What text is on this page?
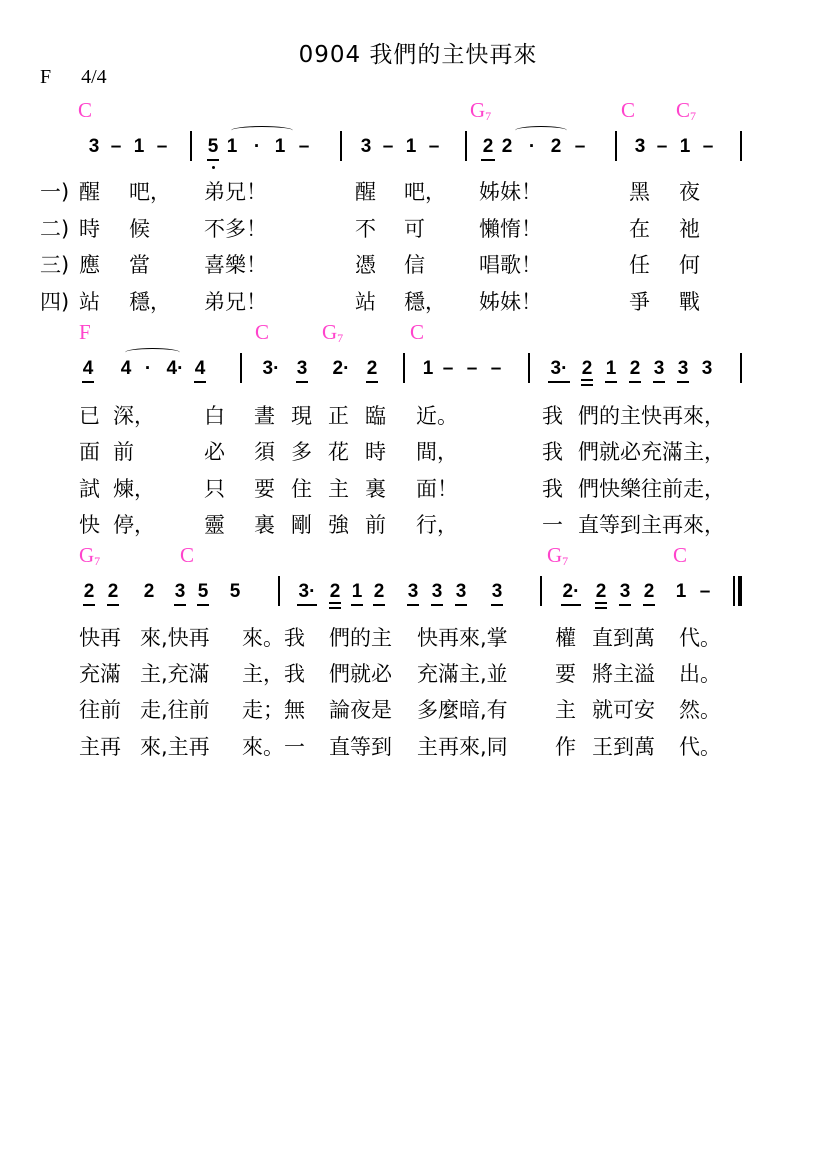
0904 我們的主快再來
F 4/4
C	$G_7$	C $C_7$
3 – 1 –	5 1 · 1 –	3 – 1 –	2 2 · 2 –	3 – 1 –
一) 醒 吧， 弟兄！	醒 吧， 姊妹！	黑 夜
二) 時 候	不多！	不 可	懶惰！	在 祂
三) 應 當	喜樂！	憑 信	唱歌！	任 何
四) 站 穩， 弟兄！	站 穩， 姊妹！	爭 戰
F	C	$G_7$	C
4 4 · 4· 4	3· 3 2· 2 1 – – –	3· 2 1 2 3 3 3
已 深， 白 晝 現 正 臨 近。	我 們的主快再來，
面 前	必 須 多 花 時 間，	我 們就必充滿主，
試 煉， 只 要 住 主 裏 面！	我 們快樂往前走，
快 停， 靈 裏 剛 強 前 行，	一 直等到主再來，
$G_7$	C	$G_7$	C
2 2 2 3 5 5	3· 2 1 2 3 3 3 3	2· 2 3 2 1 –
快再 來,快再 來。我 們的主 快再來,掌 權 直到萬 代。
充滿 主,充滿 主，我 們就必 充滿主,並 要 將主溢 出。
往前 走,往前 走；無 論夜是 多麼暗,有 主 就可安 然。
主再 來,主再 來。一 直等到 主再來,同 作 王到萬 代。
